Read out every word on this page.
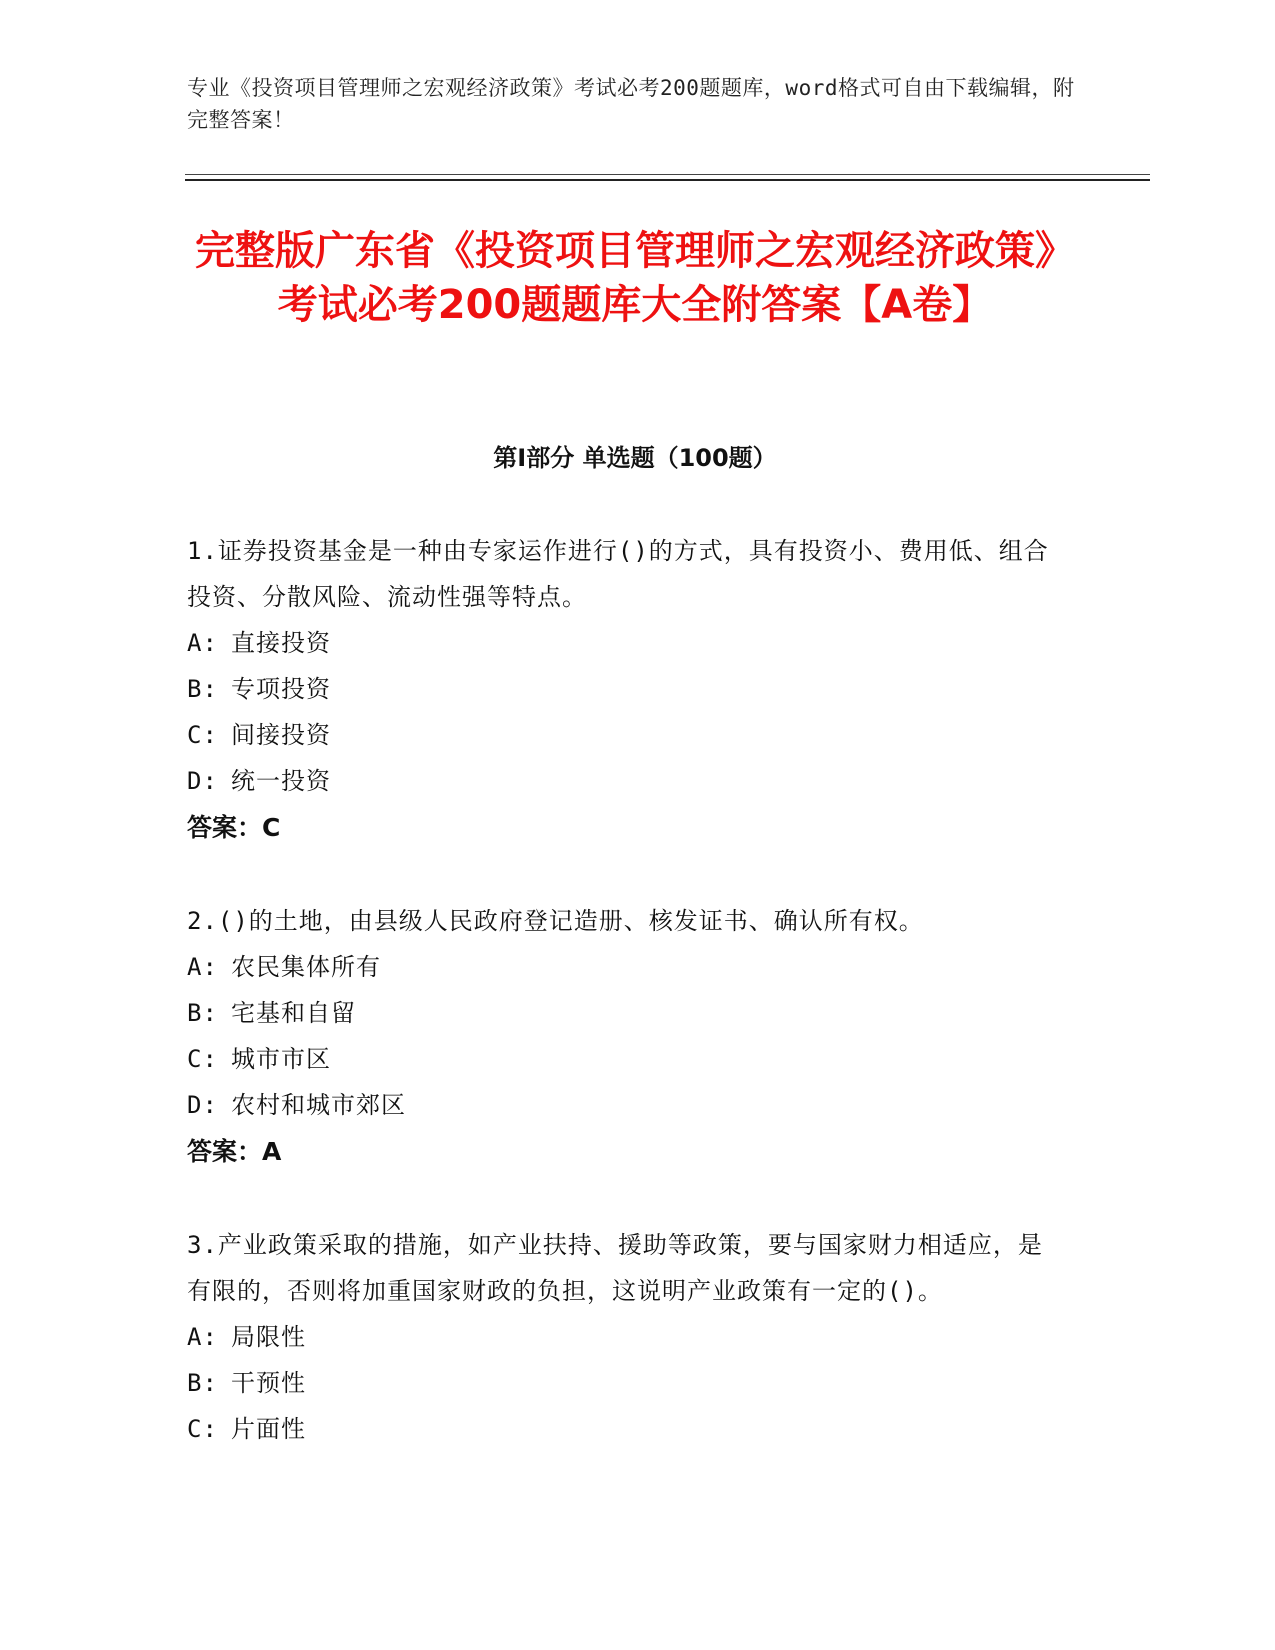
专业《投资项目管理师之宏观经济政策》考试必考200题题库，word格式可自由下载编辑，附完整答案！
完整版广东省《投资项目管理师之宏观经济政策》考试必考200题题库大全附答案【A卷】
第I部分 单选题（100题）
1.证券投资基金是一种由专家运作进行()的方式，具有投资小、费用低、组合投资、分散风险、流动性强等特点。
A: 直接投资
B: 专项投资
C: 间接投资
D: 统一投资
答案：C
2.()的土地，由县级人民政府登记造册、核发证书、确认所有权。
A: 农民集体所有
B: 宅基和自留
C: 城市市区
D: 农村和城市郊区
答案：A
3.产业政策采取的措施，如产业扶持、援助等政策，要与国家财力相适应，是有限的，否则将加重国家财政的负担，这说明产业政策有一定的()。
A: 局限性
B: 干预性
C: 片面性
